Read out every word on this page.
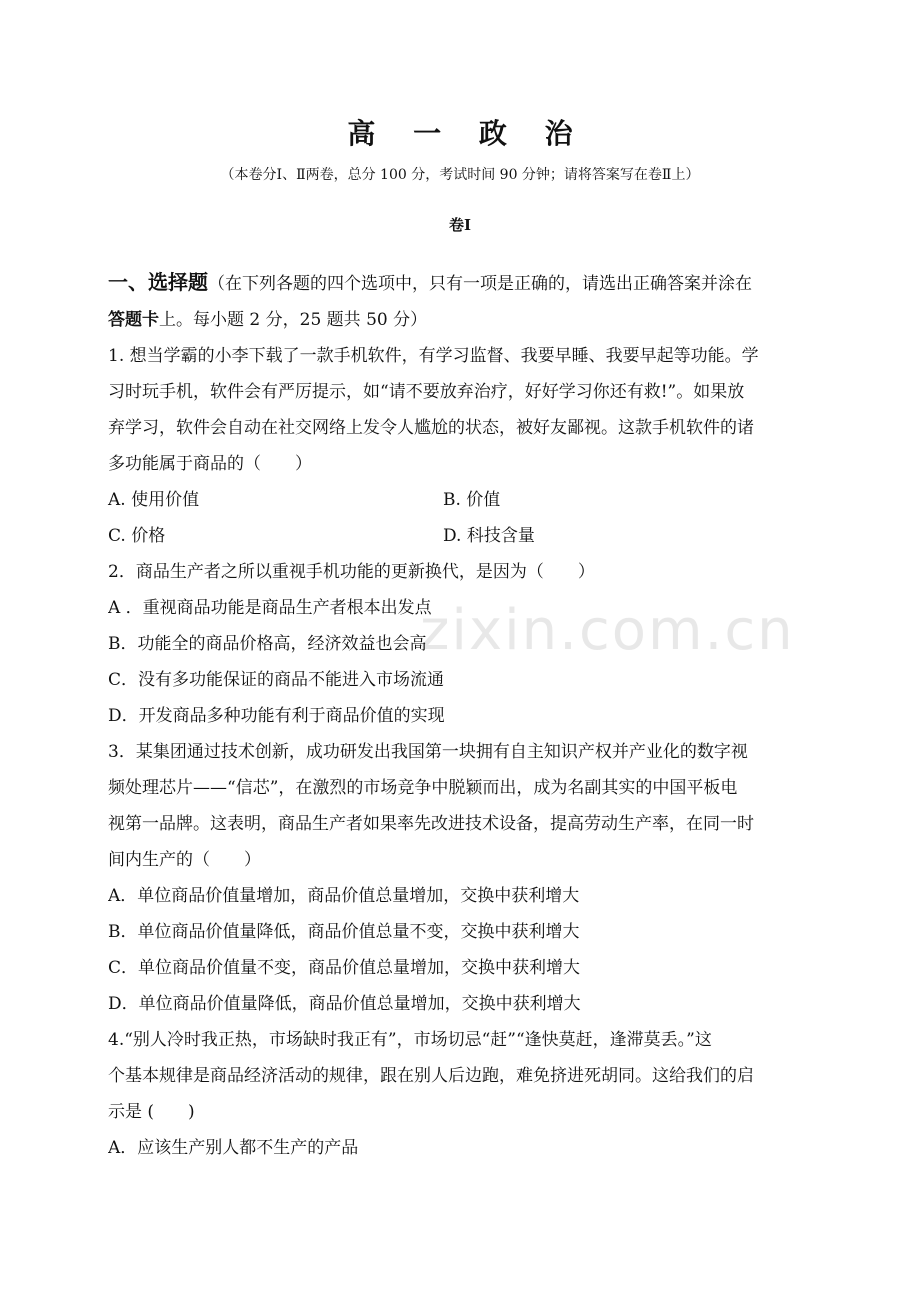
zixin.com.cn
高 一 政 治
（本卷分Ⅰ、Ⅱ两卷，总分 100 分，考试时间 90 分钟；请将答案写在卷Ⅱ上）
卷Ⅰ
一、选择题（在下列各题的四个选项中，只有一项是正确的，请选出正确答案并涂在
答题卡上。每小题 2 分，25 题共 50 分）
1. 想当学霸的小李下载了一款手机软件，有学习监督、我要早睡、我要早起等功能。学
习时玩手机，软件会有严厉提示，如“请不要放弃治疗，好好学习你还有救!”。如果放
弃学习，软件会自动在社交网络上发令人尴尬的状态，被好友鄙视。这款手机软件的诸
多功能属于商品的（　　）
A. 使用价值	B. 价值
C. 价格	D. 科技含量
2．商品生产者之所以重视手机功能的更新换代，是因为（　　）
A ．重视商品功能是商品生产者根本出发点
B．功能全的商品价格高，经济效益也会高
C．没有多功能保证的商品不能进入市场流通
D．开发商品多种功能有利于商品价值的实现
3．某集团通过技术创新，成功研发出我国第一块拥有自主知识产权并产业化的数字视
频处理芯片——“信芯”，在激烈的市场竞争中脱颖而出，成为名副其实的中国平板电
视第一品牌。这表明，商品生产者如果率先改进技术设备，提高劳动生产率，在同一时
间内生产的（　　）
A．单位商品价值量增加，商品价值总量增加，交换中获利增大
B．单位商品价值量降低，商品价值总量不变，交换中获利增大
C．单位商品价值量不变，商品价值总量增加，交换中获利增大
D．单位商品价值量降低，商品价值总量增加，交换中获利增大
4.“别人冷时我正热，市场缺时我正有”，市场切忌“赶”“逢快莫赶，逢滞莫丢。”这
个基本规律是商品经济活动的规律，跟在别人后边跑，难免挤进死胡同。这给我们的启
示是 (　　)
A．应该生产别人都不生产的产品
